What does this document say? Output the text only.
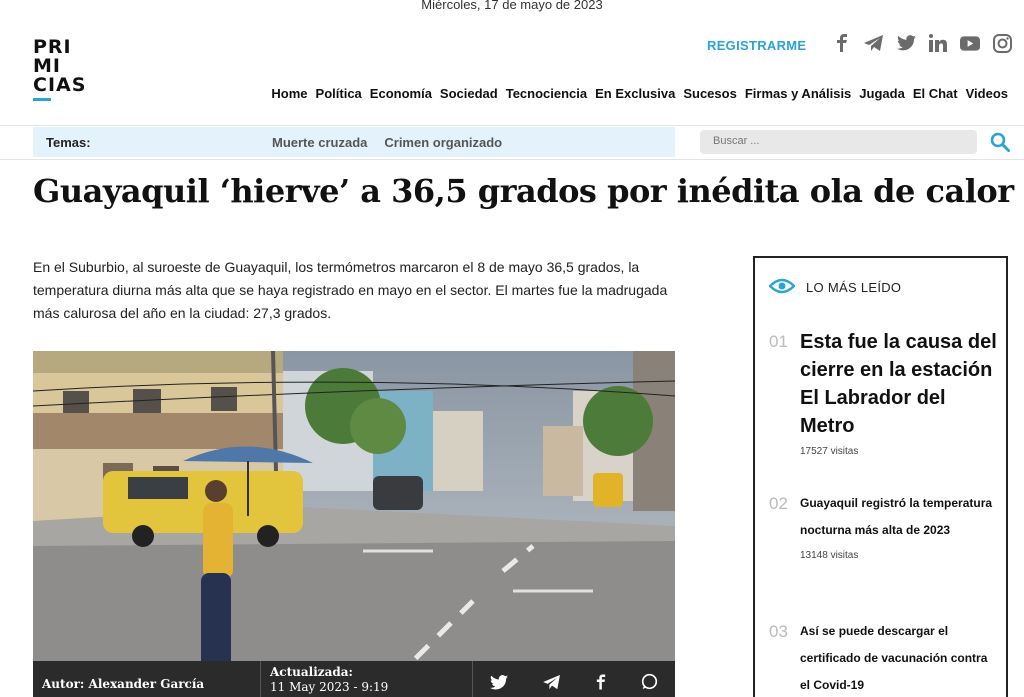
Miércoles, 17 de mayo de 2023
PRI
MI
CIAS
REGISTRARME
Home Política Economía Sociedad Tecnociencia En Exclusiva Sucesos Firmas y Análisis Jugada El Chat Videos
Temas:	Muerte cruzada Crimen organizado	Buscar ...
Guayaquil ‘hierve’ a 36,5 grados por inédita ola de calor

En el Suburbio, al suroeste de Guayaquil, los termómetros marcaron el 8 de mayo 36,5 grados, la temperatura diurna más alta que se haya registrado en mayo en el sector. El martes fue la madrugada más calurosa del año en la ciudad: 27,3 grados.

Autor: Alexander García
Actualizada:
11 May 2023 - 9:19
LO MÁS LEÍDO
01 Esta fue la causa del cierre en la estación El Labrador del Metro
17527 visitas
02 Guayaquil registró la temperatura nocturna más alta de 2023
13148 visitas
03 Así se puede descargar el certificado de vacunación contra el Covid-19
